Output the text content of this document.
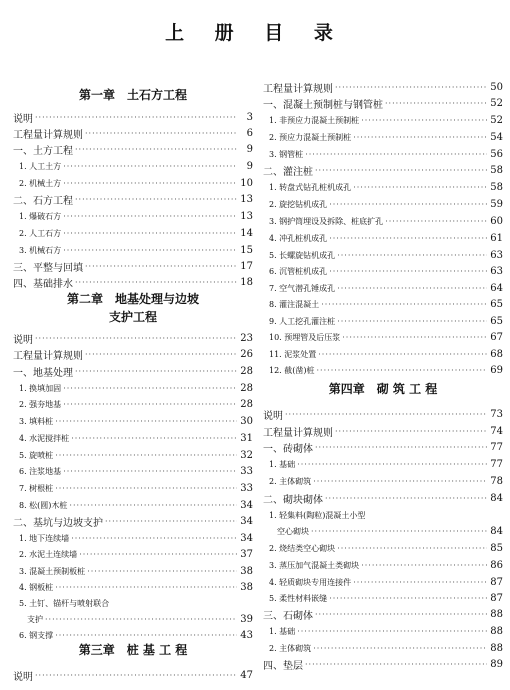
上 册 目 录
第一章　土石方工程
第二章　地基处理与边坡
支护工程
第三章　桩 基 工 程
说明 ·····	3
工程量计算规则 ·····	6
一、土方工程 ·····	9
1. 人工土方 ·····	9
2. 机械土方 ·····	10
二、石方工程 ·····	13
1. 爆破石方 ·····	13
2. 人工石方 ·····	14
3. 机械石方 ·····	15
三、平整与回填 ·····	17
四、基础排水 ·····	18
说明 ·····	23
工程量计算规则 ·····	26
一、地基处理 ·····	28
1. 换填加固 ·····	28
2. 强夯地基 ·····	28
3. 填料桩 ·····	30
4. 水泥搅拌桩 ·····	31
5. 旋喷桩 ·····	32
6. 注浆地基 ·····	33
7. 树根桩 ·····	33
8. 松(圆)木桩 ·····	34
二、基坑与边坡支护 ·····	34
1. 地下连续墙 ·····	34
2. 水泥土连续墙 ·····	37
3. 混凝土预制板桩 ·····	38
4. 钢板桩 ·····	38
5. 土钉、锚杆与喷射联合
支护 ·····	39
6. 钢支撑 ·····	43
说明 ·····	47
第四章　砌 筑 工 程
工程量计算规则 ·····	50
一、混凝土预制桩与钢管桩 ·····	52
1. 非预应力混凝土预制桩 ·····	52
2. 预应力混凝土预制桩 ·····	54
3. 钢管桩 ·····	56
二、灌注桩 ·····	58
1. 转盘式钻孔桩机成孔 ·····	58
2. 旋挖钻机成孔 ·····	59
3. 钢护筒埋设及拆除、桩底扩孔 ·····	60
4. 冲孔桩机成孔 ·····	61
5. 长螺旋钻机成孔 ·····	63
6. 沉管桩机成孔 ·····	63
7. 空气潜孔锤成孔 ·····	64
8. 灌注混凝土 ·····	65
9. 人工挖孔灌注桩 ·····	65
10. 预埋管及后压浆 ·····	67
11. 泥浆处置 ·····	68
12. 截(凿)桩 ·····	69
说明 ·····	73
工程量计算规则 ·····	74
一、砖砌体 ·····	77
1. 基础 ·····	77
2. 主体砌筑 ·····	78
二、砌块砌体 ·····	84
1. 轻集料(陶粒)混凝土小型
空心砌块 ·····	84
2. 烧结类空心砌块 ·····	85
3. 蒸压加气混凝土类砌块 ·····	86
4. 轻质砌块专用连接件 ·····	87
5. 柔性材料嵌缝 ·····	87
三、石砌体 ·····	88
1. 基础 ·····	88
2. 主体砌筑 ·····	88
四、垫层 ·····	89
